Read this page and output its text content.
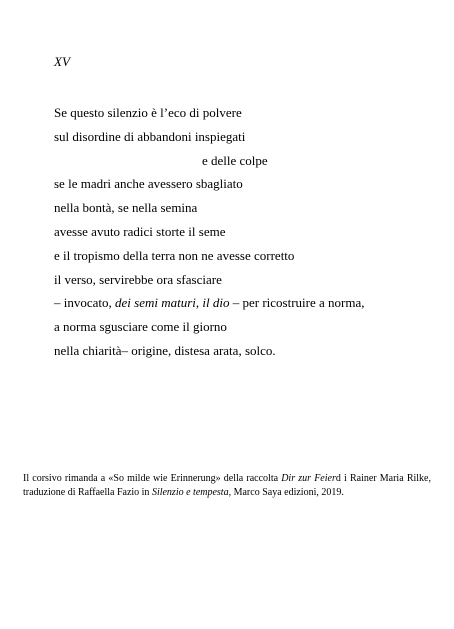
XV
Se questo silenzio è l’eco di polvere
sul disordine di abbandoni inspiegati
e delle colpe
se le madri anche avessero sbagliato
nella bontà, se nella semina
avesse avuto radici storte il seme
e il tropismo della terra non ne avesse corretto
il verso, servirebbe ora sfasciare
– invocato, dei semi maturi, il dio – per ricostruire a norma,
a norma sgusciare come il giorno
nella chiarità– origine, distesa arata, solco.
Il corsivo rimanda a «So milde wie Erinnerung» della raccolta Dir zur Feierd i Rainer Maria Rilke, traduzione di Raffaella Fazio in Silenzio e tempesta, Marco Saya edizioni, 2019.
